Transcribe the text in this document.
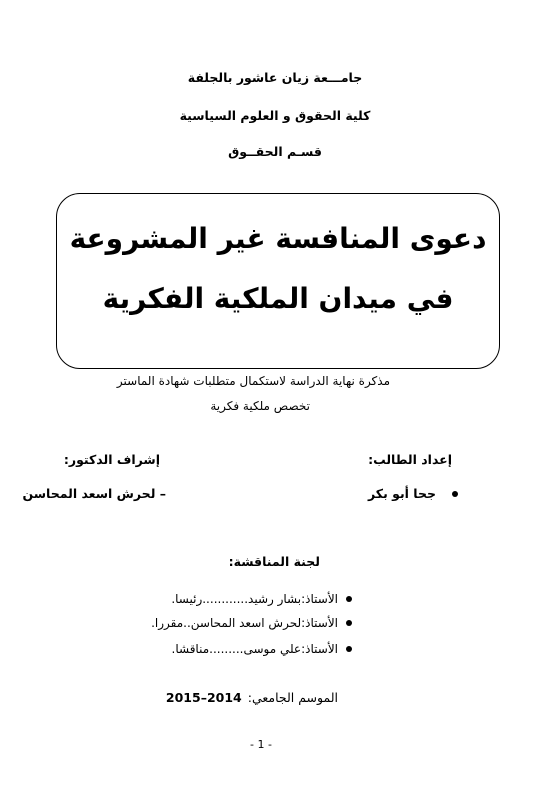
جامـــعة زيان عاشور بالجلفة
كلية الحقوق و العلوم السياسية
قسـم الحقــوق
دعوى المنافسة غير المشروعة
في ميدان الملكية الفكرية
مذكرة نهاية الدراسة لاستكمال متطلبات شهادة الماستر
تخصص ملكية فكرية
إعداد الطالب:
إشراف الدكتور:
جحا أبو بكر
– لحرش اسعد المحاسن
لجنة المناقشة:
الأستاذ:بشار رشيد............رئيسا.
الأستاذ:لحرش اسعد المحاسن..مقررا.
الأستاذ:علي موسى.........مناقشا.
الموسم الجامعي:
2014–2015
- 1 -
